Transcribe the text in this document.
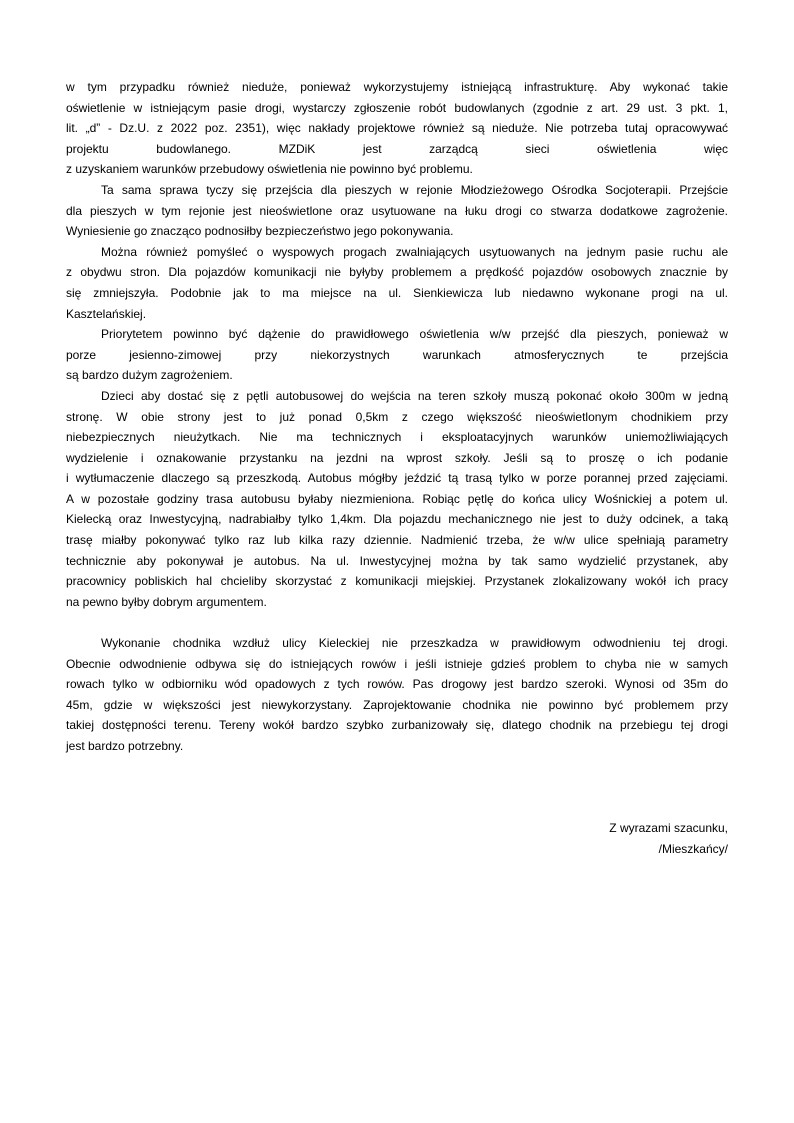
w tym przypadku również nieduże, ponieważ wykorzystujemy istniejącą infrastrukturę. Aby wykonać takie
oświetlenie w istniejącym pasie drogi, wystarczy zgłoszenie robót budowlanych (zgodnie z art. 29 ust. 3 pkt. 1,
lit. „d” - Dz.U. z 2022 poz. 2351), więc nakłady projektowe również są nieduże. Nie potrzeba tutaj opracowywać
projektu budowlanego. MZDiK jest zarządcą sieci oświetlenia więc
z uzyskaniem warunków przebudowy oświetlenia nie powinno być problemu.
Ta sama sprawa tyczy się przejścia dla pieszych w rejonie Młodzieżowego Ośrodka Socjoterapii. Przejście
dla pieszych w tym rejonie jest nieoświetlone oraz usytuowane na łuku drogi co stwarza dodatkowe zagrożenie.
Wyniesienie go znacząco podnosiłby bezpieczeństwo jego pokonywania.
Można również pomyśleć o wyspowych progach zwalniających usytuowanych na jednym pasie ruchu ale
z obydwu stron. Dla pojazdów komunikacji nie byłyby problemem a prędkość pojazdów osobowych znacznie by
się zmniejszyła. Podobnie jak to ma miejsce na ul. Sienkiewicza lub niedawno wykonane progi na ul.
Kasztelańskiej.
Priorytetem powinno być dążenie do prawidłowego oświetlenia w/w przejść dla pieszych, ponieważ w
porze jesienno-zimowej przy niekorzystnych warunkach atmosferycznych te przejścia
są bardzo dużym zagrożeniem.
Dzieci aby dostać się z pętli autobusowej do wejścia na teren szkoły muszą pokonać około 300m w jedną
stronę. W obie strony jest to już ponad 0,5km z czego większość nieoświetlonym chodnikiem przy
niebezpiecznych nieużytkach. Nie ma technicznych i eksploatacyjnych warunków uniemożliwiających
wydzielenie i oznakowanie przystanku na jezdni na wprost szkoły. Jeśli są to proszę o ich podanie
i wytłumaczenie dlaczego są przeszkodą. Autobus mógłby jeździć tą trasą tylko w porze porannej przed zajęciami.
A w pozostałe godziny trasa autobusu byłaby niezmieniona. Robiąc pętlę do końca ulicy Wośnickiej a potem ul.
Kielecką oraz Inwestycyjną, nadrabiałby tylko 1,4km. Dla pojazdu mechanicznego nie jest to duży odcinek, a taką
trasę miałby pokonywać tylko raz lub kilka razy dziennie. Nadmienić trzeba, że w/w ulice spełniają parametry
technicznie aby pokonywał je autobus. Na ul. Inwestycyjnej można by tak samo wydzielić przystanek, aby
pracownicy pobliskich hal chcieliby skorzystać z komunikacji miejskiej. Przystanek zlokalizowany wokół ich pracy
na pewno byłby dobrym argumentem.
Wykonanie chodnika wzdłuż ulicy Kieleckiej nie przeszkadza w prawidłowym odwodnieniu tej drogi.
Obecnie odwodnienie odbywa się do istniejących rowów i jeśli istnieje gdzieś problem to chyba nie w samych
rowach tylko w odbiorniku wód opadowych z tych rowów. Pas drogowy jest bardzo szeroki. Wynosi od 35m do
45m, gdzie w większości jest niewykorzystany. Zaprojektowanie chodnika nie powinno być problemem przy
takiej dostępności terenu. Tereny wokół bardzo szybko zurbanizowały się, dlatego chodnik na przebiegu tej drogi
jest bardzo potrzebny.
Z wyrazami szacunku,
/Mieszkańcy/
